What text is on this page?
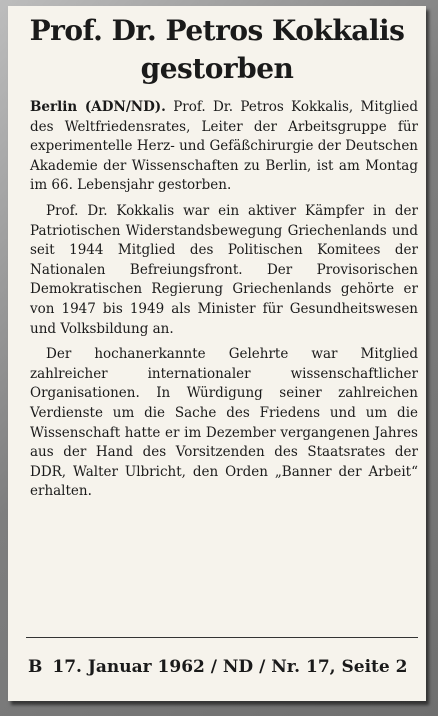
Prof. Dr. Petros Kokkalis
gestorben

Berlin (ADN/ND). Prof. Dr. Petros Kokkalis, Mitglied des Weltfriedensrates, Leiter der Arbeitsgruppe für experimentelle Herz- und Gefäßchirurgie der Deutschen Akademie der Wissenschaften zu Berlin, ist am Montag im 66. Lebensjahr gestorben.

Prof. Dr. Kokkalis war ein aktiver Kämpfer in der Patriotischen Widerstandsbewegung Griechenlands und seit 1944 Mitglied des Politischen Komitees der Nationalen Befreiungsfront. Der Provisorischen Demokratischen Regierung Griechenlands gehörte er von 1947 bis 1949 als Minister für Gesundheitswesen und Volksbildung an.

Der hochanerkannte Gelehrte war Mitglied zahlreicher internationaler wissenschaftlicher Organisationen. In Würdigung seiner zahlreichen Verdienste um die Sache des Friedens und um die Wissenschaft hatte er im Dezember vergangenen Jahres aus der Hand des Vorsitzenden des Staatsrates der DDR, Walter Ulbricht, den Orden „Banner der Arbeit“ erhalten.

B 17. Januar 1962 / ND / Nr. 17, Seite 2
